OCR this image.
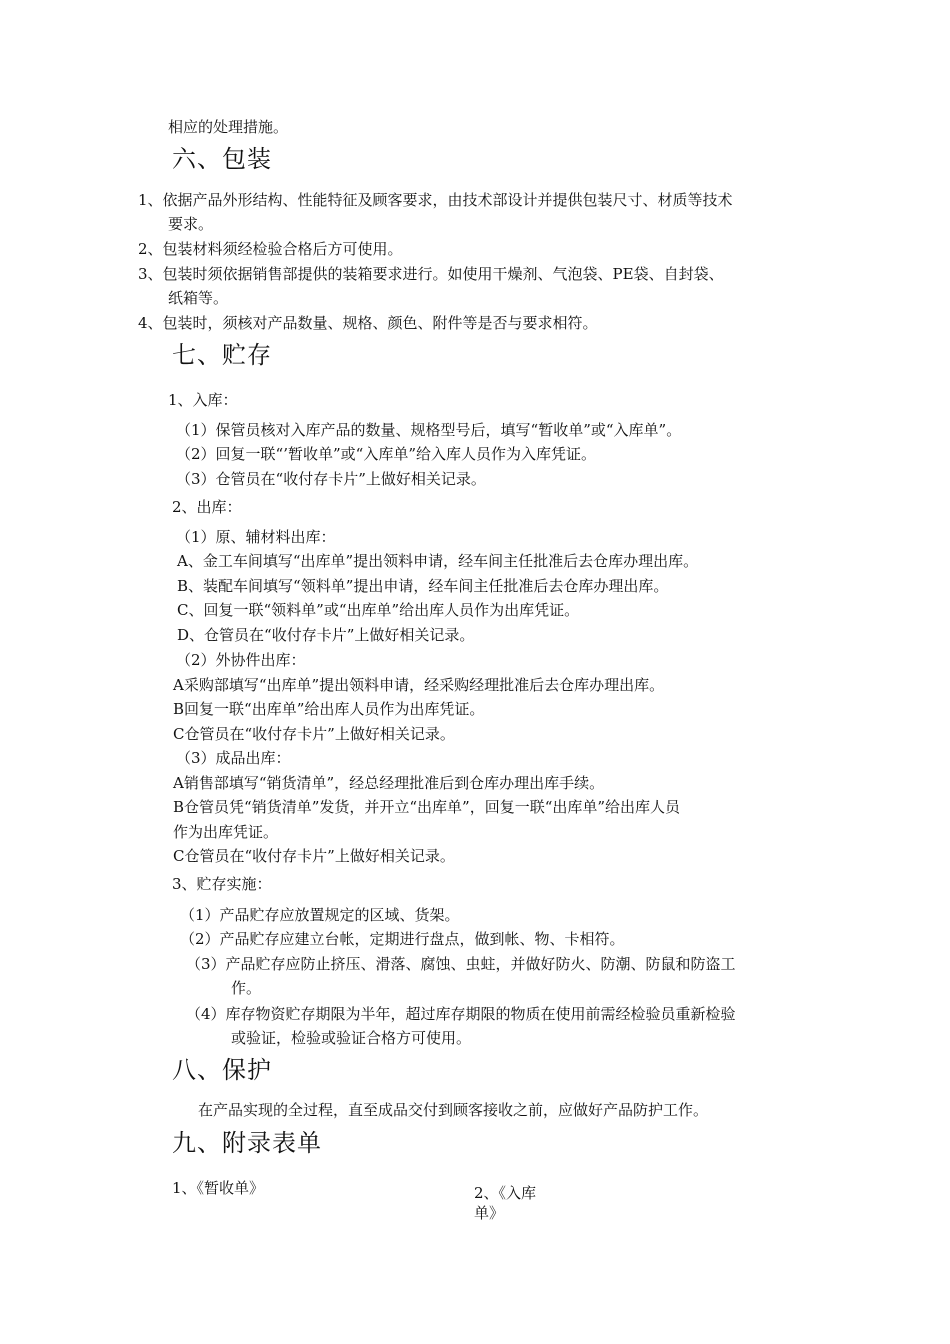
相应的处理措施。
六、包装
1、依据产品外形结构、性能特征及顾客要求，由技术部设计并提供包装尺寸、材质等技术
要求。
2、包装材料须经检验合格后方可使用。
3、包装时须依据销售部提供的装箱要求进行。如使用干燥剂、气泡袋、PE袋、自封袋、
纸箱等。
4、包装时，须核对产品数量、规格、颜色、附件等是否与要求相符。
七、贮存
1、入库：
（1）保管员核对入库产品的数量、规格型号后，填写“暂收单”或“入库单”。
（2）回复一联“’暂收单”或“入库单”给入库人员作为入库凭证。
（3）仓管员在“收付存卡片”上做好相关记录。
2、出库：
（1）原、辅材料出库：
A、金工车间填写“出库单”提出领料申请，经车间主任批准后去仓库办理出库。
B、装配车间填写“领料单”提出申请，经车间主任批准后去仓库办理出库。
C、回复一联“领料单”或“出库单”给出库人员作为出库凭证。
D、仓管员在“收付存卡片”上做好相关记录。
（2）外协件出库：
A采购部填写“出库单”提出领料申请，经采购经理批准后去仓库办理出库。
B回复一联“出库单”给出库人员作为出库凭证。
C仓管员在“收付存卡片”上做好相关记录。
（3）成品出库：
A销售部填写“销货清单”，经总经理批准后到仓库办理出库手续。
B仓管员凭“销货清单”发货，并开立“出库单”，回复一联“出库单”给出库人员
作为出库凭证。
C仓管员在“收付存卡片”上做好相关记录。
3、贮存实施：
（1）产品贮存应放置规定的区域、货架。
（2）产品贮存应建立台帐，定期进行盘点，做到帐、物、卡相符。
（3）产品贮存应防止挤压、滑落、腐蚀、虫蛀，并做好防火、防潮、防鼠和防盗工
作。
（4）库存物资贮存期限为半年，超过库存期限的物质在使用前需经检验员重新检验
或验证，检验或验证合格方可使用。
八、保护
在产品实现的全过程，直至成品交付到顾客接收之前，应做好产品防护工作。
九、附录表单
1、《暂收单》	2、《入库
单》
